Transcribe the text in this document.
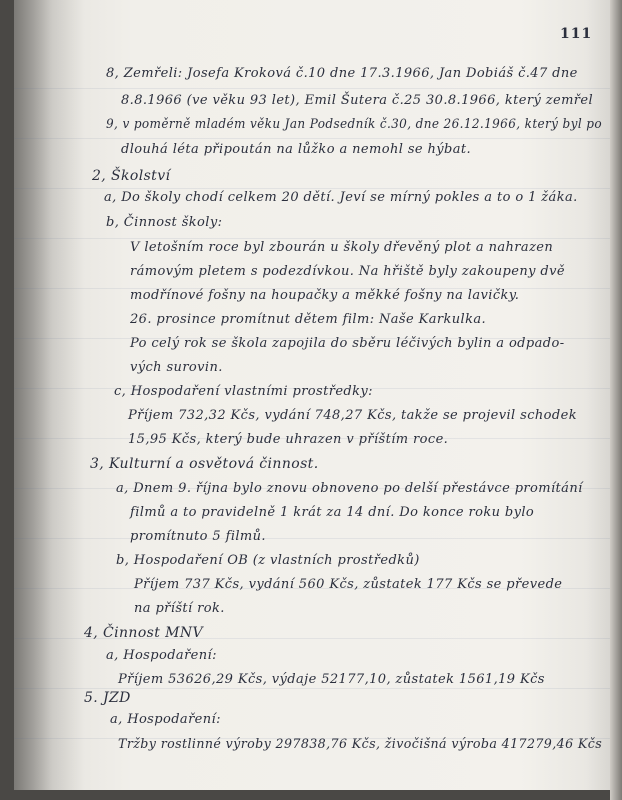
111
8, Zemřeli: Josefa Kroková č.10 dne 17.3.1966, Jan Dobiáš č.47 dne
8.8.1966 (ve věku 93 let), Emil Šutera č.25 30.8.1966, který zemřel
9, v poměrně mladém věku Jan Podsedník č.30, dne 26.12.1966, který byl po
dlouhá léta připoután na lůžko a nemohl se hýbat.
2, Školství
a, Do školy chodí celkem 20 dětí. Jeví se mírný pokles a to o 1 žáka.
b, Činnost školy:
V letošním roce byl zbourán u školy dřevěný plot a nahrazen
rámovým pletem s podezdívkou. Na hřiště byly zakoupeny dvě
modřínové fošny na houpačky a měkké fošny na lavičky.
26. prosince promítnut dětem film: Naše Karkulka.
Po celý rok se škola zapojila do sběru léčivých bylin a odpado-
vých surovin.
c, Hospodaření vlastními prostředky:
Příjem 732,32 Kčs, vydání 748,27 Kčs, takže se projevil schodek
15,95 Kčs, který bude uhrazen v příštím roce.
3, Kulturní a osvětová činnost.
a, Dnem 9. října bylo znovu obnoveno po delší přestávce promítání
filmů a to pravidelně 1 krát za 14 dní. Do konce roku bylo
promítnuto 5 filmů.
b, Hospodaření OB (z vlastních prostředků)
Příjem 737 Kčs, vydání 560 Kčs, zůstatek 177 Kčs se převede
na příští rok.
4, Činnost MNV
a, Hospodaření:
Příjem 53626,29 Kčs, výdaje 52177,10, zůstatek 1561,19 Kčs
5. JZD
a, Hospodaření:
Tržby rostlinné výroby 297838,76 Kčs, živočišná výroba 417279,46 Kčs
